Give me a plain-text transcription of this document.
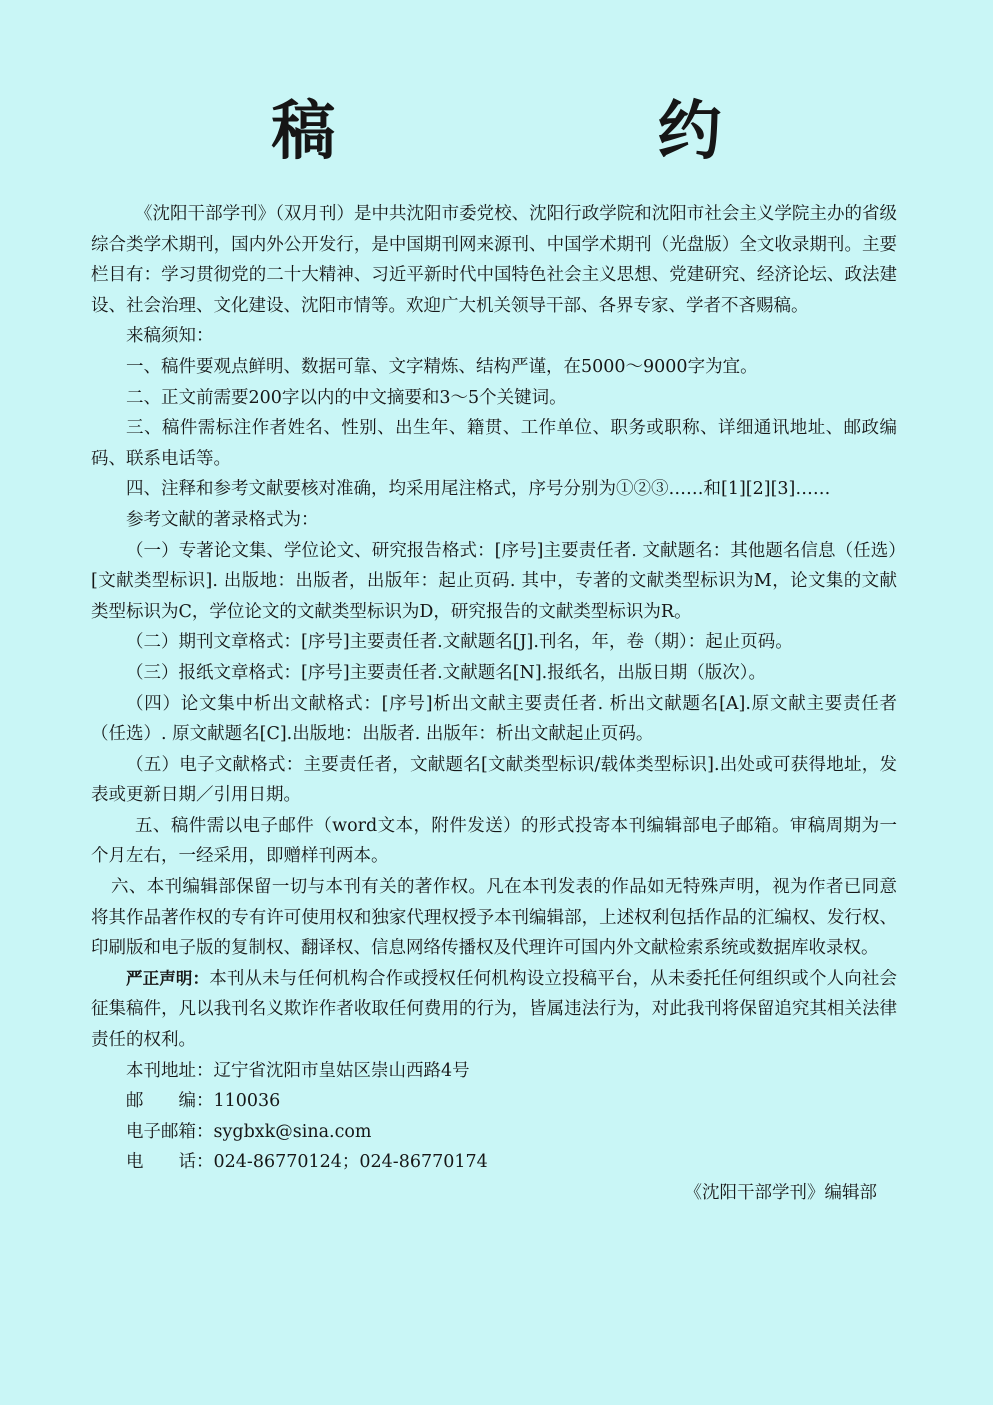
稿 约

《沈阳干部学刊》（双月刊）是中共沈阳市委党校、沈阳行政学院和沈阳市社会主义学院主办的省级综合类学术期刊，国内外公开发行，是中国期刊网来源刊、中国学术期刊（光盘版）全文收录期刊。主要栏目有：学习贯彻党的二十大精神、习近平新时代中国特色社会主义思想、党建研究、经济论坛、政法建设、社会治理、文化建设、沈阳市情等。欢迎广大机关领导干部、各界专家、学者不吝赐稿。

来稿须知：

一、稿件要观点鲜明、数据可靠、文字精炼、结构严谨，在5000～9000字为宜。

二、正文前需要200字以内的中文摘要和3～5个关键词。

三、稿件需标注作者姓名、性别、出生年、籍贯、工作单位、职务或职称、详细通讯地址、邮政编码、联系电话等。

四、注释和参考文献要核对准确，均采用尾注格式，序号分别为①②③……和[1][2][3]……

参考文献的著录格式为：

（一）专著论文集、学位论文、研究报告格式：[序号]主要责任者. 文献题名：其他题名信息（任选）[文献类型标识]. 出版地：出版者，出版年：起止页码. 其中，专著的文献类型标识为M，论文集的文献类型标识为C，学位论文的文献类型标识为D，研究报告的文献类型标识为R。

（二）期刊文章格式：[序号]主要责任者.文献题名[J].刊名，年，卷（期）：起止页码。

（三）报纸文章格式：[序号]主要责任者.文献题名[N].报纸名，出版日期（版次）。

（四）论文集中析出文献格式：[序号]析出文献主要责任者. 析出文献题名[A].原文献主要责任者（任选）. 原文献题名[C].出版地：出版者. 出版年：析出文献起止页码。

（五）电子文献格式：主要责任者，文献题名[文献类型标识/载体类型标识].出处或可获得地址，发表或更新日期／引用日期。

五、稿件需以电子邮件（word文本，附件发送）的形式投寄本刊编辑部电子邮箱。审稿周期为一个月左右，一经采用，即赠样刊两本。

六、本刊编辑部保留一切与本刊有关的著作权。凡在本刊发表的作品如无特殊声明，视为作者已同意将其作品著作权的专有许可使用权和独家代理权授予本刊编辑部，上述权利包括作品的汇编权、发行权、印刷版和电子版的复制权、翻译权、信息网络传播权及代理许可国内外文献检索系统或数据库收录权。

严正声明：本刊从未与任何机构合作或授权任何机构设立投稿平台，从未委托任何组织或个人向社会征集稿件，凡以我刊名义欺诈作者收取任何费用的行为，皆属违法行为，对此我刊将保留追究其相关法律责任的权利。

本刊地址：辽宁省沈阳市皇姑区崇山西路4号

邮　　编：110036

电子邮箱：sygbxk@sina.com

电　　话：024-86770124；024-86770174

《沈阳干部学刊》编辑部
